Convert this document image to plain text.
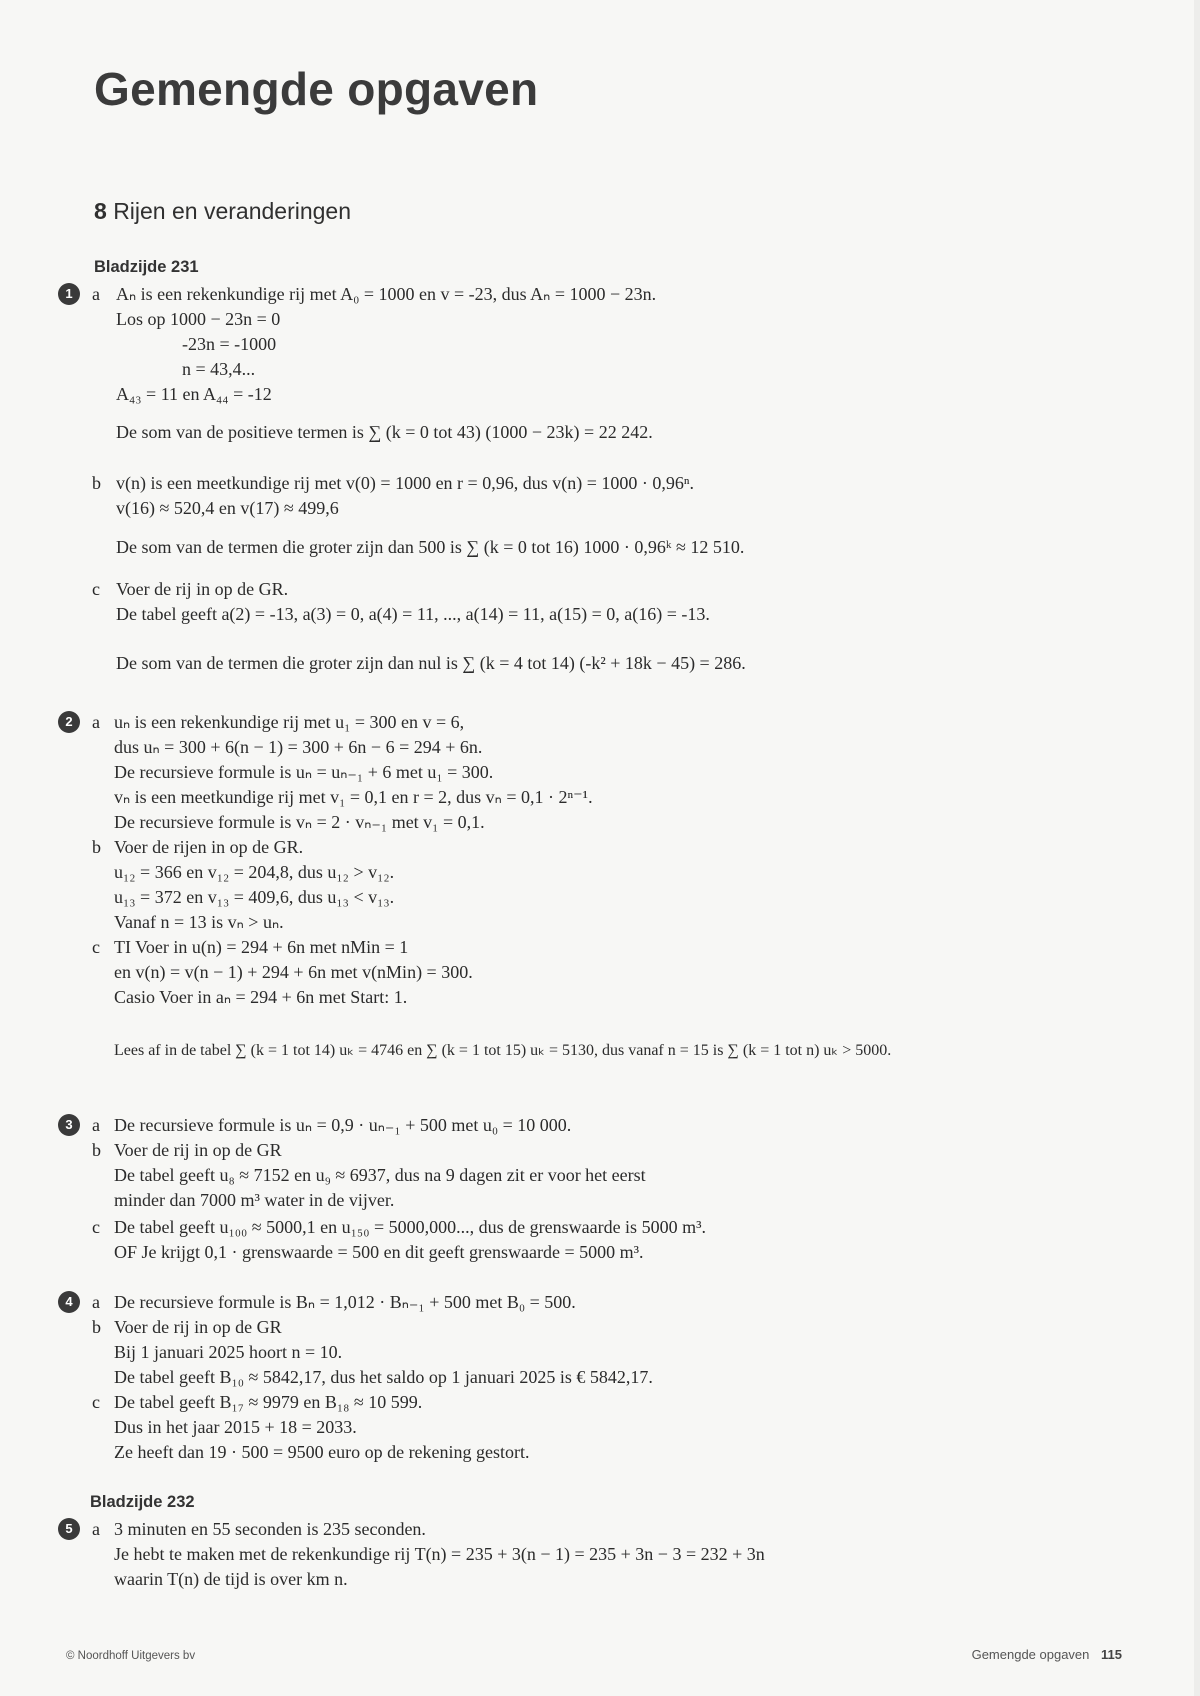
Gemengde opgaven
8 Rijen en veranderingen
Bladzijde 231
1	a Aₙ is een rekenkundige rij met A₀ = 1000 en v = -23, dus Aₙ = 1000 − 23n.
Los op 1000 − 23n = 0
-23n = -1000
n = 43,4...
A₄₃ = 11 en A₄₄ = -12
De som van de positieve termen is ∑ (k = 0 tot 43) (1000 − 23k) = 22 242.
b v(n) is een meetkundige rij met v(0) = 1000 en r = 0,96, dus v(n) = 1000 · 0,96ⁿ.
v(16) ≈ 520,4 en v(17) ≈ 499,6
De som van de termen die groter zijn dan 500 is ∑ (k = 0 tot 16) 1000 · 0,96ᵏ ≈ 12 510.
c Voer de rij in op de GR.
De tabel geeft a(2) = -13, a(3) = 0, a(4) = 11, ..., a(14) = 11, a(15) = 0, a(16) = -13.
De som van de termen die groter zijn dan nul is ∑ (k = 4 tot 14) (-k² + 18k − 45) = 286.
2	a uₙ is een rekenkundige rij met u₁ = 300 en v = 6,
dus uₙ = 300 + 6(n − 1) = 300 + 6n − 6 = 294 + 6n.
De recursieve formule is uₙ = uₙ₋₁ + 6 met u₁ = 300.
vₙ is een meetkundige rij met v₁ = 0,1 en r = 2, dus vₙ = 0,1 · 2ⁿ⁻¹.
De recursieve formule is vₙ = 2 · vₙ₋₁ met v₁ = 0,1.
b Voer de rijen in op de GR.
u₁₂ = 366 en v₁₂ = 204,8, dus u₁₂ > v₁₂.
u₁₃ = 372 en v₁₃ = 409,6, dus u₁₃ < v₁₃.
Vanaf n = 13 is vₙ > uₙ.
c TI Voer in u(n) = 294 + 6n met nMin = 1
en v(n) = v(n − 1) + 294 + 6n met v(nMin) = 300.
Casio Voer in aₙ = 294 + 6n met Start: 1.
Lees af in de tabel ∑ (k = 1 tot 14) uₖ = 4746 en ∑ (k = 1 tot 15) uₖ = 5130, dus vanaf n = 15 is ∑ (k = 1 tot n) uₖ > 5000.
3	a De recursieve formule is uₙ = 0,9 · uₙ₋₁ + 500 met u₀ = 10 000.
b Voer de rij in op de GR
De tabel geeft u₈ ≈ 7152 en u₉ ≈ 6937, dus na 9 dagen zit er voor het eerst
minder dan 7000 m³ water in de vijver.
c De tabel geeft u₁₀₀ ≈ 5000,1 en u₁₅₀ = 5000,000..., dus de grenswaarde is 5000 m³.
OF Je krijgt 0,1 · grenswaarde = 500 en dit geeft grenswaarde = 5000 m³.
4	a De recursieve formule is Bₙ = 1,012 · Bₙ₋₁ + 500 met B₀ = 500.
b Voer de rij in op de GR
Bij 1 januari 2025 hoort n = 10.
De tabel geeft B₁₀ ≈ 5842,17, dus het saldo op 1 januari 2025 is € 5842,17.
c De tabel geeft B₁₇ ≈ 9979 en B₁₈ ≈ 10 599.
Dus in het jaar 2015 + 18 = 2033.
Ze heeft dan 19 · 500 = 9500 euro op de rekening gestort.
Bladzijde 232
5	a 3 minuten en 55 seconden is 235 seconden.
Je hebt te maken met de rekenkundige rij T(n) = 235 + 3(n − 1) = 235 + 3n − 3 = 232 + 3n
waarin T(n) de tijd is over km n.
© Noordhoff Uitgevers bv	Gemengde opgaven 115
